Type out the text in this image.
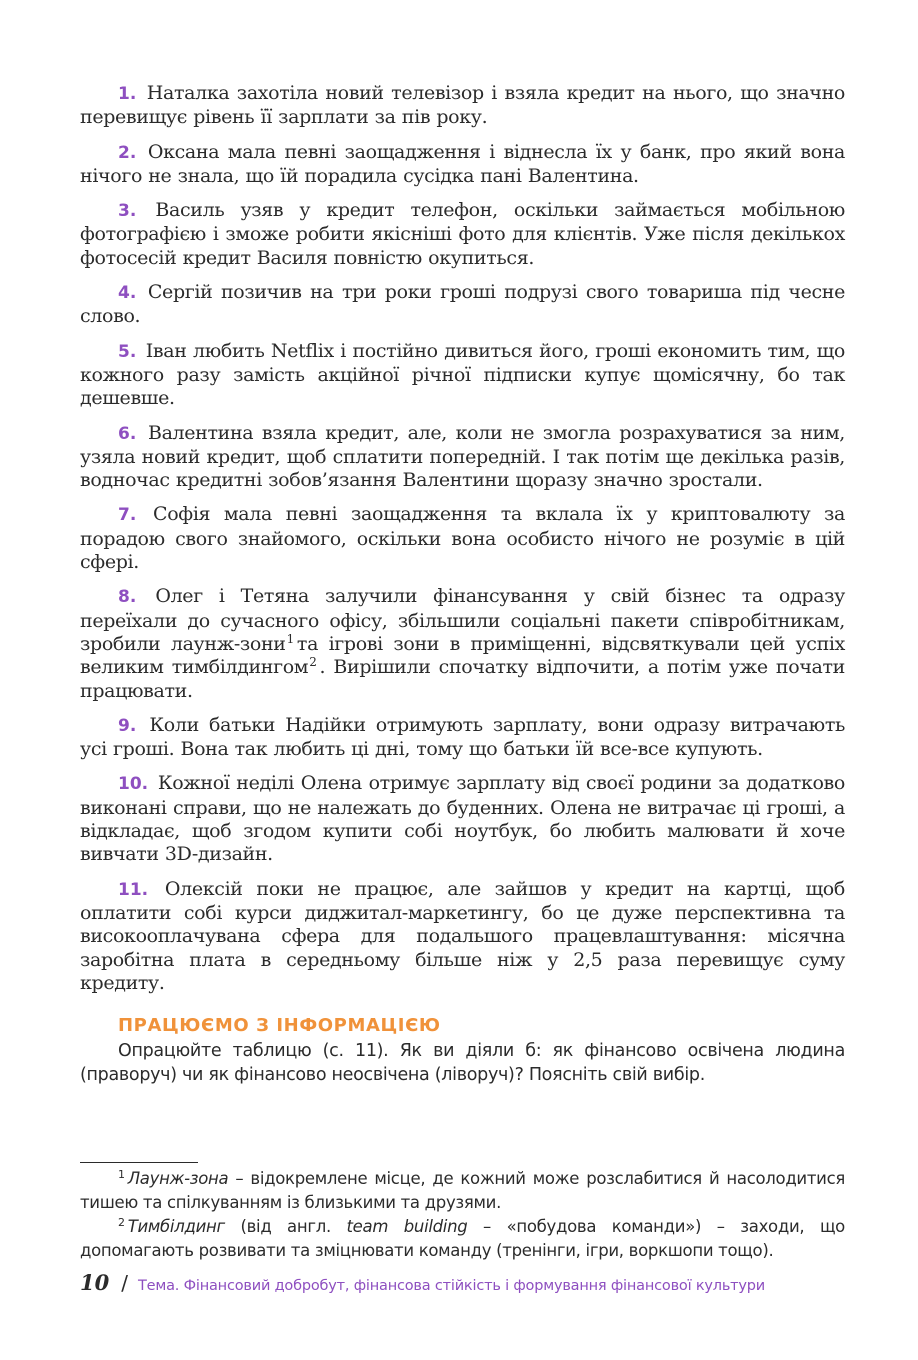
1. Наталка захотіла новий телевізор і взяла кредит на нього, що значно перевищує рівень її зарплати за пів року.

2. Оксана мала певні заощадження і віднесла їх у банк, про який вона нічого не знала, що їй порадила сусідка пані Валентина.

3. Василь узяв у кредит телефон, оскільки займається мобільною фотографією і зможе робити якісніші фото для клієнтів. Уже після декількох фотосесій кредит Василя повністю окупиться.

4. Сергій позичив на три роки гроші подрузі свого товариша під чесне слово.

5. Іван любить Netflix і постійно дивиться його, гроші економить тим, що кожного разу замість акційної річної підписки купує щомісячну, бо так дешевше.

6. Валентина взяла кредит, але, коли не змогла розрахуватися за ним, узяла новий кредит, щоб сплатити попередній. І так потім ще декілька разів, водночас кредитні зобов’язання Валентини щоразу значно зростали.

7. Софія мала певні заощадження та вклала їх у криптовалюту за порадою свого знайомого, оскільки вона особисто нічого не розуміє в цій сфері.

8. Олег і Тетяна залучили фінансування у свій бізнес та одразу переїхали до сучасного офісу, збільшили соціальні пакети співробітникам, зробили лаунж-зони$^1$ та ігрові зони в приміщенні, відсвяткували цей успіх великим тимбілдингом$^2$ . Вирішили спочатку відпочити, а потім уже почати працювати.

9. Коли батьки Надійки отримують зарплату, вони одразу витрачають усі гроші. Вона так любить ці дні, тому що батьки їй все-все купують.

10. Кожної неділі Олена отримує зарплату від своєї родини за додатково виконані справи, що не належать до буденних. Олена не витрачає ці гроші, а відкладає, щоб згодом купити собі ноутбук, бо любить малювати й хоче вивчати 3D-дизайн.

11. Олексій поки не працює, але зайшов у кредит на картці, щоб оплатити собі курси диджитал-маркетингу, бо це дуже перспективна та високооплачувана сфера для подальшого працевлаштування: місячна заробітна плата в середньому більше ніж у 2,5 раза перевищує суму кредиту.

ПРАЦЮЄМО З ІНФОРМАЦІЄЮ

Опрацюйте таблицю (с. 11). Як ви діяли б: як фінансово освічена людина (праворуч) чи як фінансово неосвічена (ліворуч)? Поясніть свій вибір.

$^1$ Лаунж-зона – відокремлене місце, де кожний може розслабитися й насолодитися тишею та спілкуванням із близькими та друзями.

$^2$ Тимбілдинг (від англ. team building – «побудова команди») – заходи, що допомагають розвивати та зміцнювати команду (тренінги, ігри, воркшопи тощо).

10 / Тема. Фінансовий добробут, фінансова стійкість і формування фінансової культури
